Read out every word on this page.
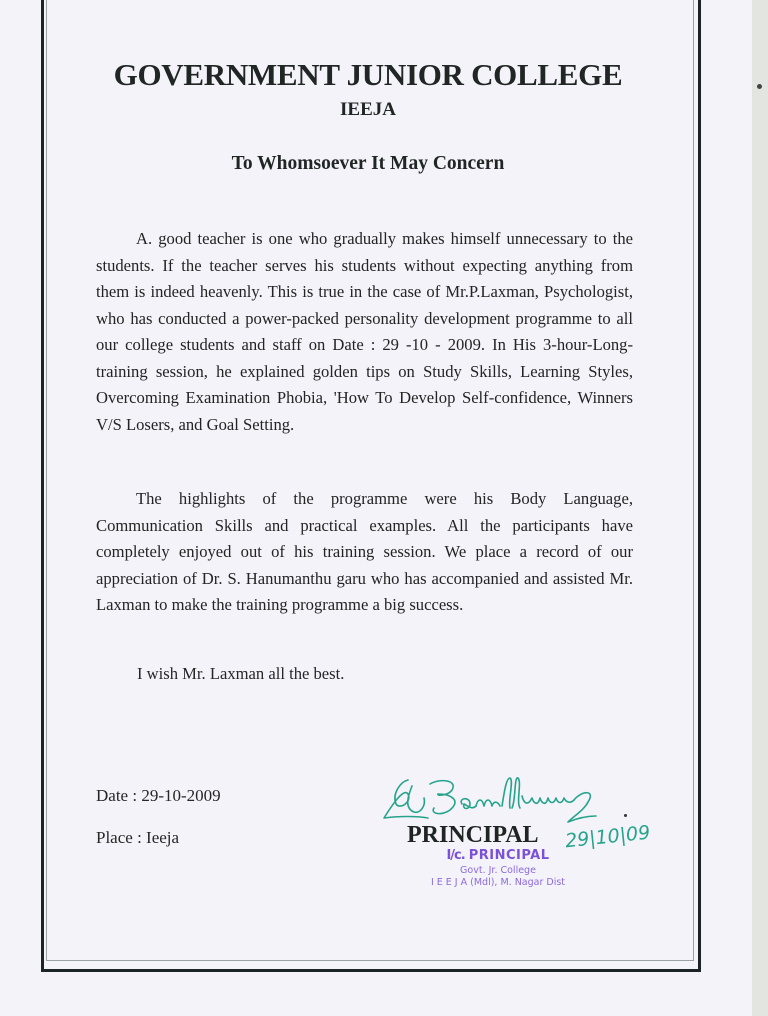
GOVERNMENT JUNIOR COLLEGE
IEEJA
To Whomsoever It May Concern
A. good teacher is one who gradually makes himself unnecessary to the students. If the teacher serves his students without expecting anything from them is indeed heavenly. This is true in the case of Mr.P.Laxman, Psychologist, who has conducted a power-packed personality development programme to all our college students and staff on Date : 29 -10 - 2009. In His 3-hour-Long-training session, he explained golden tips on Study Skills, Learning Styles, Overcoming Examination Phobia, 'How To Develop Self-confidence, Winners V/S Losers, and Goal Setting.
The highlights of the programme were his Body Language, Communication Skills and practical examples. All the participants have completely enjoyed out of his training session. We place a record of our appreciation of Dr. S. Hanumanthu garu who has accompanied and assisted Mr. Laxman to make the training programme a big success.
I wish Mr. Laxman all the best.
Date : 29-10-2009
Place : Ieeja	PRINCIPAL 29|10|09
I/c. PRINCIPAL
Govt. Jr. College
I E E J A (Mdl), M. Nagar Dist
